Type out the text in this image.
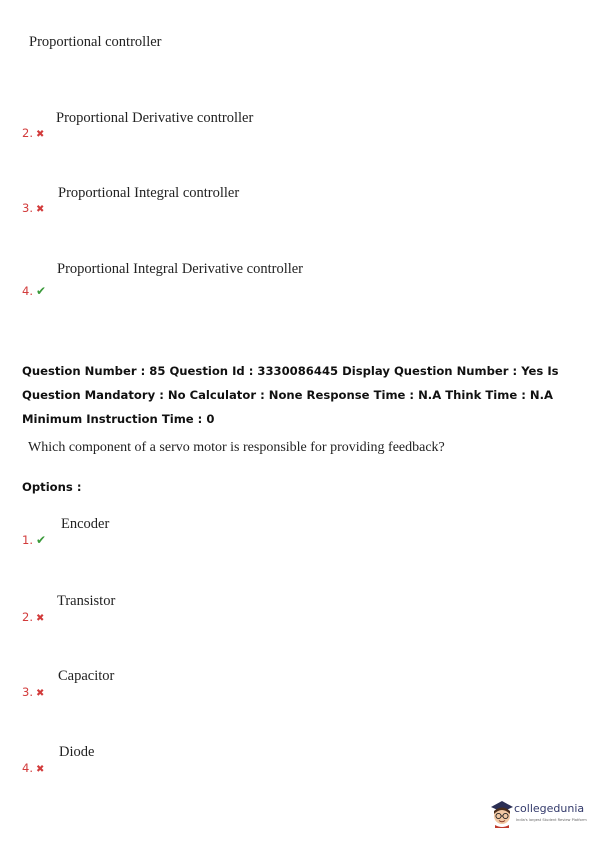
Proportional controller
Proportional Derivative controller
2. ✖
Proportional Integral controller
3. ✖
Proportional Integral Derivative controller
4. ✔
Question Number : 85 Question Id : 3330086445 Display Question Number : Yes Is Question Mandatory : No Calculator : None Response Time : N.A Think Time : N.A Minimum Instruction Time : 0
Which component of a servo motor is responsible for providing feedback?
Options :
Encoder
1. ✔
Transistor
2. ✖
Capacitor
3. ✖
Diode
4. ✖
collegedunia
India's largest Student Review Platform
